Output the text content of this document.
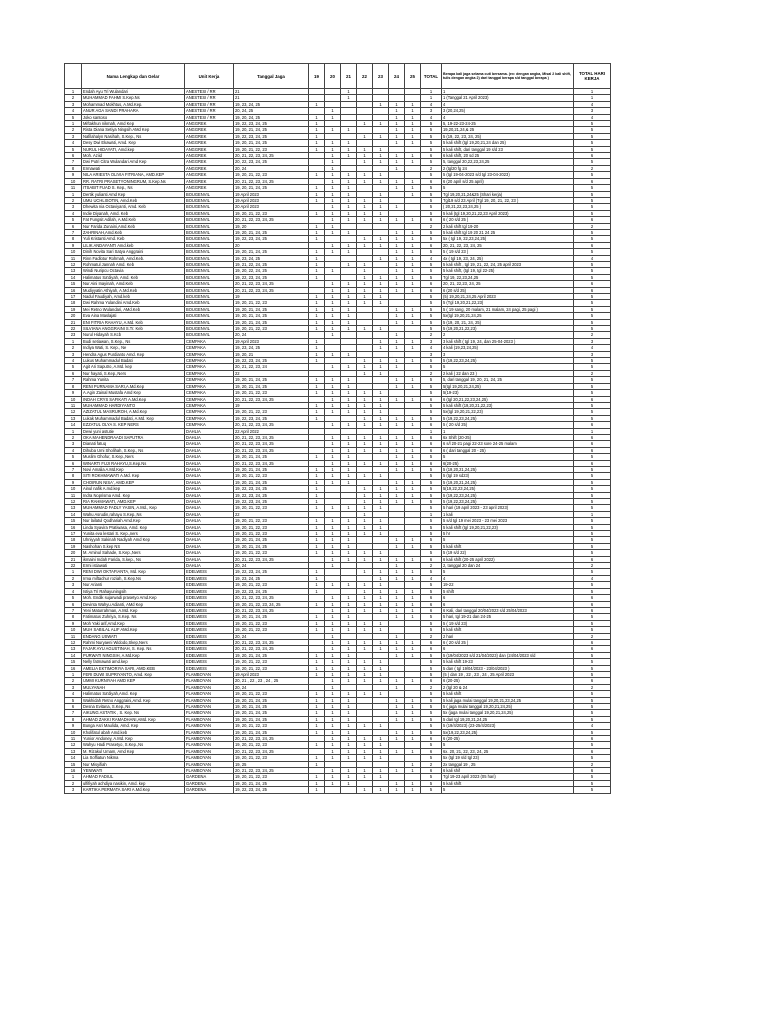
	Nama Lengkap dan Gelar	Unit Kerja	Tanggal Jaga	19	20	21	22	23	24	25	TOTAL	Berapa kali jaga selama cuti bersama. (ex: dengan angka, Misal 2 kali shift, tulis dengan angka 2) dari tanggal berapa s/d tanggal berapa )	TOTAL HARI KERJA
1	Endah Ayu Tri Wulandari	ANESTESI / RR	21			1					1	1	1
2	MUHAMMAD FAHMI S.Kep.Ns	ANESTESI / RR	21			1					1	1 (Tanggal 21 April 2023)	1
3	Mohammad Mokhtus, A.Md.Kep.	ANESTESI / RR	19, 23, 24, 25	1				1	1	1	4	4	4
4	ANUR AGA SANDI PRAHARA	ANESTESI / RR	20, 24, 25		1				1	1	3	3 (20,24,25)	3
5	Joko santoso	ANESTESI / RR	19, 20, 24, 25	1	1				1	1	4	4	4
1	Miftakhun nikmah, Amd Kep	ANGGREK	19, 22, 23, 24, 25	1			1	1	1	1	5	5, 19-22-23-24-25	5
2	Rista Diana Setiya Ningsih AMd Kep	ANGGREK	19, 20, 21, 24, 25	1	1	1			1	1	5	19,20,21,24,& 25	5
3	Nafilahalyn Nasihah, S.Kep., Ns	ANGGREK	19, 22, 23, 24, 25	1			1	1	1	1	5	5 (19, 22, 23, 24, 25)	5
4	Desy Dwi Ekawati, Amd. Kep	ANGGREK	19, 20, 21, 24, 25	1	1	1			1	1	5	5 kali shift (tgl 19,20,21,24 dan 25)	5
5	NURUL HIDAYATI, Amd.kep	ANGGREK	19, 20, 21, 22, 23	1	1	1	1	1			5	5 kali shift, dari tanggal 19 s/d 23	5
6	Moh. Aziid	ANGGREK	20, 21, 22, 23, 24, 25		1	1	1	1	1	1	6	6 kali shift, 20 sd 25	6
7	Dwi Putri Citra Wulandari Amd Kep	ANGGREK	20, 22, 23, 24, 25		1		1	1	1	1	5	5, tanggal 20,22,23,24,25	5
8	Ermawati	ANGGREK	20, 24		1				1		2	2 (tgl20 fg 24	2
9	NILA ARIESTA OLIVIA FITRIANA, AMD.KEP	ANGGREK	19, 20, 21, 22, 23	1	1	1	1	1			5	5 (tgl 19-04-2023 s/d tgl 23-04-2023)	5
10	RR. RATRI PRASETYONINGRUM, S.Kep.Ns	ANGGREK	20, 21, 22, 23, 24, 25		1	1	1	1	1	1	6	6 (20 april s/d 25 april)	6
11	ITSABIT FUAD S. Kep., Ns	ANGGREK	19, 20, 21, 24, 25	1	1	1			1	1	5	5	5
1	Dertik yulianti Amd Kep	BOUGENVIL	19 April 2023	1	1	1		1		1	5	Tgl 19,20,21,24&25 (Shari kerja)	5
2	UMU UCHLISOTIN, Amd.Keb	BOUGENVIL	19 April 2023	1	1	1	1	1			5	Tgl19 s/d 23 April (Tgl 19, 20, 21, 22, 23 )	5
3	Dhewita nia Octaviyanti, Amd. Keb	BOUGENVIL	20 April 2023		1	1	1	1	1		5	( 20,21,22,23,24,25 )	5
4	Indie Diyanah, Amd. Keb	BOUGENVIL	19, 20, 21, 22, 23	1	1	1	1	1			5	5 kali (tgl 19,20,21,22,23 April 2023)	5
5	Fat Fungsit Adilah, A.Md.Keb	BOUGENVIL	20, 21, 22, 23, 24, 25		1	1	1	1	1	1	6	6 ( 20 s/d 25 )	6
6	Nur Farida Zunaini,Amd.Keb	BOUGENVIL	19, 20	1	1						2	2 kali shift tgl 19-20	2
7	ZAHRINAH,Amd.Keb	BOUGENVIL	19, 20, 21, 24, 25	1	1	1			1	1	5	5 kali shift tgl 19 20 21 24 25	5
8	Yuli Kristanti Amd. Keb	BOUGENVIL	19, 22, 23, 24, 25	1			1	1	1	1	5	5x ( tgl 19, 22,23,24,25)	5
9	LILIK ANDAYANTI Amd.keb	BOUGENVIL	20		1	1	1	1	1	1	6	20, 21, 22, 23, 24, 25	6
10	Dinih Novita Sari Satya Anggraini	BOUGENVIL	19, 20, 21, 24, 25	1	1	1			1	1	5	5 ( 19 s/d 23 )	5
11	Rinn Fadlotur Rohmah, Amd.Keb.	BOUGENVIL	19, 23, 24, 25	1				1	1	1	4	4x ( tgl 19, 23, 24, 25)	4
12	Rohmatul Jannah Amd. Keb	BOUGENVIL	19, 21, 22, 24, 25	1		1	1		1	1	5	5 kali shift , tgl 19, 21, 22, 24, 25 april 2023	5
13	Windi Nuripcu Octavia	BOUGENVIL	19, 20, 22, 24, 25	1	1		1		1	1	5	5 kali shift, (tgl 19, tgl 22-25)	5
14	Halimatus Sa'diyah, Amd. Keb	BOUGENVIL	19, 22, 23, 24, 25	1			1	1	1	1	5	Tgl 19, 22,23,24,25	5
15	Nur Aini Inayinah, Amd.Keb	BOUGENVIL	20, 21, 22, 23, 24, 25		1	1	1	1	1	1	6	20, 21, 22,23, 24, 25	6
16	Mudiyyatin Athiyah, A.Md.Keb	BOUGENVIL	20, 21, 22, 23, 24, 25		1	1	1	1	1	1	6	6 (20 s/d 25)	6
17	Nadul Faudiyah, Amd.keb	BOUGENVIL	19	1	1	1	1	1			5	(5) 19,20,21,24,25 April 2023	5
18	Dwi Rahma Yulandini Amd.Keb	BOUGENVIL	19, 20, 21, 22, 23	1	1	1	1	1			5	5 (Tgl 19,20,21,22,23)	5
19	Mei Retno Wulandari, AMd.Keb	BOUGENVIL	19, 20, 21, 24, 25	1	1	1			1	1	5	5 ( 19 sang, 20 malam, 21 malam, 24 pagi, 25 pagi )	5
20	Eva Aina Maslajati	BOUGENVIL	19, 20, 21, 24, 25	1	1	1			1	1	5	5x(tgl 19,20,21,24,25	5
21	ENI FITRIA RAHAYU, A.Md. Keb	BOUGENVIL	19, 20, 21, 24, 25	1	1	1			1	1	5	5 (19, 20, 21, 24, 25)	5
22	SILVIANA ANGGRAINI S.Tr. Keb	BOUGENVIL	19, 20, 21, 22, 23	1	1	1	1	1			5	5 (19,20,21,22,23)	5
23	Nurul Hidayah S.Kcb	BOUGENVIL	20, 24		1				1		2	2	2
1	Budi setiawan, S.Kep., Ns	CEMPAKA	19 April 2023	1				1	1	1	3	3 kali shift ( tgl 19, 24, dan 25-04-2023 )	3
2	Indiya Wati, S. Kep., Ne	CEMPAKA	19, 23, 24, 25	1				1	1	1	4	4 kali (19,23,24,25)	4
3	Hendra Agus Purdianto Amd. Kep	CEMPAKA	19, 20, 21	1	1	1					3	3	3
4	Lukus Muhammadul Badati	CEMPAKA	19, 22, 23, 24, 25	1			1	1	1	1	5	5 (19,22,23,24,25)	5
5	Agit Ari Saputro, A.Md. kep	CEMPAKA	20, 21, 22, 23, 24		1	1	1	1	1		5	5	5
6	Nur hayati, S.Kep.,Ners	CEMPAKA	22				1	1			2	2 kali ( 22 dan 23 )	2
7	Rahma Yunita	CEMPAKA	19, 20, 21, 24, 25	1	1	1			1	1	5	5, dari tanggal 19, 20, 21, 24, 25	5
8	RENI PURNAMA SARI,A.Md.Kep	CEMPAKA	19, 20, 21, 24, 25	1	1	1			1	1	5	5(tgl 19,20,21,24,25)	5
9	A.Agin Zainal Mustafa Amd Kep	CEMPAKA	19, 20, 21, 22, 23	1	1	1	1	1			5	5(19-23)	5
10	INDAH CRYS SAFIKATI A.Md.Kep	CEMPAKA	20, 21, 22, 23, 24, 25		1	1	1	1	1	1	6	6 (tgl 20,21,22,23,24,25)	6
11	MUHAMMAD HARDIYANTO	CEMPAKA	19	1	1	1	1	1			5	5 kali shift (19,20,21,22,23)	5
12	AZIZATUL MASRUROH, A.Md.Kep	CEMPAKA	19, 20, 21, 22, 23	1	1	1	1	1			5	5x(tgl 19,20,21,22,23)	5
13	Lukak Muhammadul Badati, A.Md. Kep	CEMPAKA	19, 22, 23, 24, 25	1			1	1	1	1	5	5 (19,22,23,24,25)	5
14	EZZATUL OLYA S. KEP NERS	CEMPAKA	20, 21, 22, 23, 24, 25		1	1	1	1	1	1	6	5 ( 20 s/d 25)	6
1	Dewi yuni astutie	DAHLIA	22 April 2022								1	1	1
2	OKA MAHENDRAADI SAPUTRA	DAHLIA	20, 21, 22, 23, 24, 25		1	1	1	1	1	1	6	6x Shift (20-25)	6
3	Dianati fatuq	DAHLIA	20, 21, 22, 23, 24, 25		1	1	1	1	1	1	6	6 s/l 20-21 pagi 22-23 sore 24-25 malam	6
4	Dihuba Umi Sholihah, S.Kep., Ns	DAHLIA	20, 21, 22, 23, 24, 25		1	1	1	1	1	1	6	6 ( dari tanggal 20 - 25)	6
5	Muslim Ghofur, S.Kep.,Ners	DAHLIA	19, 20, 21, 24, 25	1	1	1			1	1	5	5	5
6	WINARTI FUJI RAHAYU,S.Kep.Ns	DAHLIA	20, 21, 22, 23, 24, 25		1	1	1	1	1	1	6	6(20-25)	6
7	Novi Amalia A.Md.Kep	DAHLIA	19, 20, 21, 24, 25	1	1	1			1	1	5	5 (19,20,21,24,25)	5
8	SITI ROKHMAWATI A.Md. Kep	DAHLIA	19, 20, 21, 22, 23	1	1	1	1	1			5	5 (tgl 19 sd23)	5
9	CHOIRUN NISA', AMD.KEP	DAHLIA	19, 20, 21, 24, 25	1	1	1			1	1	5	5 (19,20,21,24,25)	5
10	Ainul nafik A.md.kep	DAHLIA	19, 22, 23, 24, 25	1			1	1	1	1	5	5(19,22,23,24,25)	5
11	Indra Noprisma Amd. Kep	DAHLIA	19, 22, 23, 24, 25	1			1	1	1	1	5	5 (19,22,23,24,25)	5
12	RIA RAHMAWATI, AMD.KEP	DAHLIA	19, 22, 23, 24, 25	1			1	1	1	1	5	5 (19,22,23,24,25)	5
13	MUHAMMAD FADLY YASIN, A.Md., Kep	DAHLIA	19, 20, 21, 22, 23	1	1	1	1	1			5	5 hari (19 april 2023 - 23 april 2023)	5
14	Wahu Asrudin,rahayu S.Kep.,Ns	DAHLIA	22				1				1	1 kali	1
15	Nur lailatul Qodhariah Amd.Kep	DAHLIA	19, 20, 21, 22, 23	1	1	1	1	1			5	5 s/d tgl 19 mei 2023 - 23 mei 2023	5
16	Linda Syavira Pratiwasa, Amd. Kep	DAHLIA	19, 20, 21, 22, 23	1	1	1	1	1			5	5 kali shift (tgl 19,20,21,22,23)	5
17	Yunita eva lestari S. Kep.,ners	DAHLIA	19, 20, 21, 22, 23	1	1	1	1	1			5	5 hr	5
18	Uhniyyah Sakinah Nadiyah Amd Kep	DAHLIA	19, 20, 21, 24, 25	1	1	1			1	1	5	5	5
19	Nashohan S.kep NS	DAHLIA	19, 20, 21, 24, 25	1	1	1			1	1	5	5 kali shift	5
20	M. Aminul Sahade, S.Kep.,Ners	DAHLIA	19, 20, 21, 22, 23	1	1	1	1	1			5	5 (19 s/d 22)	5
21	ikmaini Indah Farida, S.kep., Ns	DAHLIA	20, 21, 22, 23, 24, 25		1	1	1	1	1	1	6	6 kali shift (20-25 april 2022)	6
22	Ermi istiawati	DAHLIA	20, 24		1				1		2	2, tanggal 20 dan 24	2
1	RENI DWI OKTAFIANTA, Md. Kep	EDELWEIS	19, 22, 23, 24, 25	1			1	1	1	1	5	5	5
2	Irma miftachur roziah, S.Kep.Ns	EDELWEIS	19, 23, 24, 25	1				1	1	1	4	4	4
3	Nur Arianti	EDELWEIS	19, 20, 21, 22, 23	1	1	1	1	1			5	19-22	5
4	Istiya Tri Rahayuningsih	EDELWEIS	19, 22, 23, 24, 25	1			1	1	1	1	5	5 shift	5
5	Moh. Endik sujarwadi prasetyo Amd.Kep	EDELWEIS	20, 21, 22, 23, 24, 25		1	1	1	1	1	1	6	6	6
6	Devinta Wahyu Adianti, AMd Kep	EDELWEIS	19, 20, 21, 22, 23, 24, 25	1	1	1	1	1	1	1	6	6	6
7	Yeni Maturrahman, A.Md. Kep	EDELWEIS	20, 21, 22, 23, 24, 25		1	1	1	1	1	1	6	6 Kali, dari tanggal 20/04/2023 s/d 25/04/2023	6
8	Fatimatus Zuhriya, S.Kep. Ns	EDELWEIS	19, 20, 21, 24, 25	1	1	1			1	1	5	5 hari, tgl 19-21 dan 24-25	5
9	Moh Yaki arif,Amd.Kep	EDELWEIS	19, 20, 21, 22, 23	1	1	1	1	1			5	5 ( 19 s/d 23)	5
10	MUH SABILAL ALIF AMd.Kep	EDELWEIS	19, 20, 21, 22, 23	1	1	1	1	1			5	5 kali shift	5
11	ENDANG USWATI	EDELWEIS	20, 24		1				1		2	2 hari	2
12	Rahmi Nuryaeni Widodo,Skep,Ners	EDELWEIS	20, 21, 22, 23, 24, 25		1	1	1	1	1	1	6	6 ( 20 s/d 25 )	6
13	FAJAR AYU AGUSTINAH, S. Kep. Ns	EDELWEIS	20, 21, 22, 23, 24, 25		1	1	1	1	1	1	6	6	6
14	PURWATI NINGSIH, A.Md.Kep	EDELWEIS	19, 20, 21, 24, 25	1	1	1			1	1	5	5 (19/04/2023 s/d 21/04/2023) dan (24/04/2023 s/d	5
15	Nelly fatmawati amd.kep	EDELWEIS	19, 20, 21, 22, 23	1	1	1	1	1			5	5 kali shift 19-23	5
16	AMELIA EKTIMORIYA SARI, AMD.KEB	EDELWEIS	19, 20, 21, 22, 23	1	1	1	1	1			5	5 dan ( tgl 19/04/2023 - 23/04/2023 )	5
1	FERI DUWI SUPRIYANTO, Amd. Kep	FLAMBOYAN	19 April 2023	1	1	1	1	1			5	(5 ) dan 19 , 22 , 23 , 24 , 25 April 2023	5
2	UMMI KURNIYAH AMD KEP	FLAMBOYAN	20, 21 , 22 , 23 , 24 , 25		1	1	1	1	1	1	6	6 (20-25)	6
3	MULYANAH	FLAMBOYAN	20, 24		1				1		2	2 (tgl 20 & 24	2
4	Halimatus Sa'diyah,Amd. Kep	FLAMBOYAN	19, 20, 21, 22, 23	1	1	1	1	1			5	5 kali shift	5
5	Wakhidah Retno Anggraini,Amd. Kep	FLAMBOYAN	19, 20, 21, 24, 25	1	1	1			1	1	5	5 kali jaga mulai tanggal 19,20,21,23,24,25	5
6	Desna Evitana, S.Kep.,Ns	FLAMBOYAN	19, 20, 21, 24, 25	1	1	1			1	1	5	5 ( jaga mulai tanggal 19,20,21,24,25)	5
7	AIKUNG ASTATIK , S. Kep. Ns	FLAMBOYAN	19, 20, 21, 24, 25	1	1	1			1	1	5	5x (jaga mulai tanggal 19,20,21,24,25)	5
8	AHMAD ZAKKI RAMADHANI,AMd. Kep	FLAMBOYAN	19, 20, 21, 24, 25	1	1	1			1	1	5	5 dari tgl 19,20,21,24,25	5
9	Bunga Asri Maulida, Amd. Kep	FLAMBOYAN	19, 20, 21, 22, 23	1	1	1	1	1			5	5 (19/4/2023) (23-25/4/2023)	4
10	Kholifatul abah Amd.keb	FLAMBOYAN	19, 20, 21, 24, 25	1	1	1			1	1	5	5x(19,22,23,24,25)	5
11	Yunior Andoney, A.Md. Kep	FLAMBOYAN	20, 21, 22, 23, 24, 25		1	1	1	1	1	1	6	6 (20-25)	6
12	Wahyu Hadi Prasetyo, S.Kep.,Ns	FLAMBOYAN	19, 20, 21, 22, 23	1	1	1	1	1			5	5	5
13	M. Rizakul Umam, Amd Kep	FLAMBOYAN	20, 21, 22, 23, 24, 25		1	1	1	1	1	1	6	6x. 20, 21, 22, 23, 24, 25	6
14	Lia Soffiatun Nikma	FLAMBOYAN	19, 20, 21, 22, 23	1	1	1	1	1			5	5x (tgl 19 s/d tgl 23)	5
15	Nur Misyifiah	FLAMBOYAN	19, 25	1						1	2	2x tanggal 19 , 25	2
16	YENIWATI	FLAMBOYAN	20, 21, 22, 23, 24, 25		1	1	1	1	1	1	6	6 kali shif	6
1	AHMAD FADIUL	GARDENA	19, 20, 21, 22, 23	1	1	1	1	1			5	Tgl 19-23 april 2023 (05 hari)	5
2	ulfifiyah achdiya nasikin, Amd. kep	GARDENA	19, 20, 21, 24, 25	1	1	1			1	1	5	5 kali shift	5
3	KARTIKA PERMATA SARI A.Md.Kep	GARDENA	19, 22, 23, 24, 25	1			1	1	1	1	5	5	5
